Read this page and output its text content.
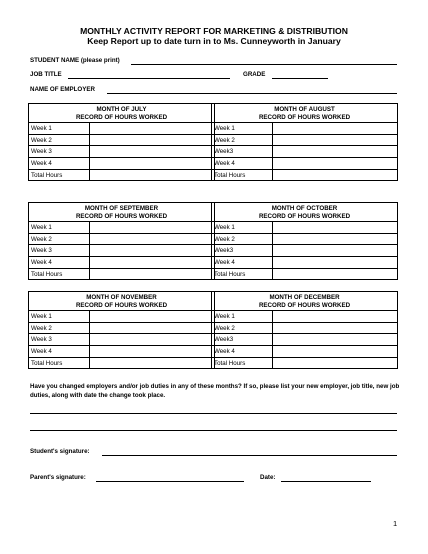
MONTHLY ACTIVITY REPORT FOR MARKETING & DISTRIBUTION
Keep Report up to date turn in to Ms. Cunneyworth in January
STUDENT NAME (please print)
JOB TITLE	GRADE
NAME OF EMPLOYER
MONTH OF JULY
RECORD OF HOURS WORKED	
Week 1	
Week 2	
Week 3	
Week 4	
Total Hours	
MONTH OF AUGUST
RECORD OF HOURS WORKED	
Week 1	
Week 2	
Week3	
Week 4	
Total Hours	
MONTH OF SEPTEMBER
RECORD OF HOURS WORKED	
Week 1	
Week 2	
Week 3	
Week 4	
Total Hours	
MONTH OF OCTOBER
RECORD OF HOURS WORKED	
Week 1	
Week 2	
Week3	
Week 4	
Total Hours	
MONTH OF NOVEMBER
RECORD OF HOURS WORKED	
Week 1	
Week 2	
Week 3	
Week 4	
Total Hours	
MONTH OF DECEMBER
RECORD OF HOURS WORKED	
Week 1	
Week 2	
Week3	
Week 4	
Total Hours	
Have you changed employers and/or job duties in any of these months? If so, please list your new employer, job title, new job duties, along with date the change took place.
Student's signature:
Parent's signature:	Date:
1
